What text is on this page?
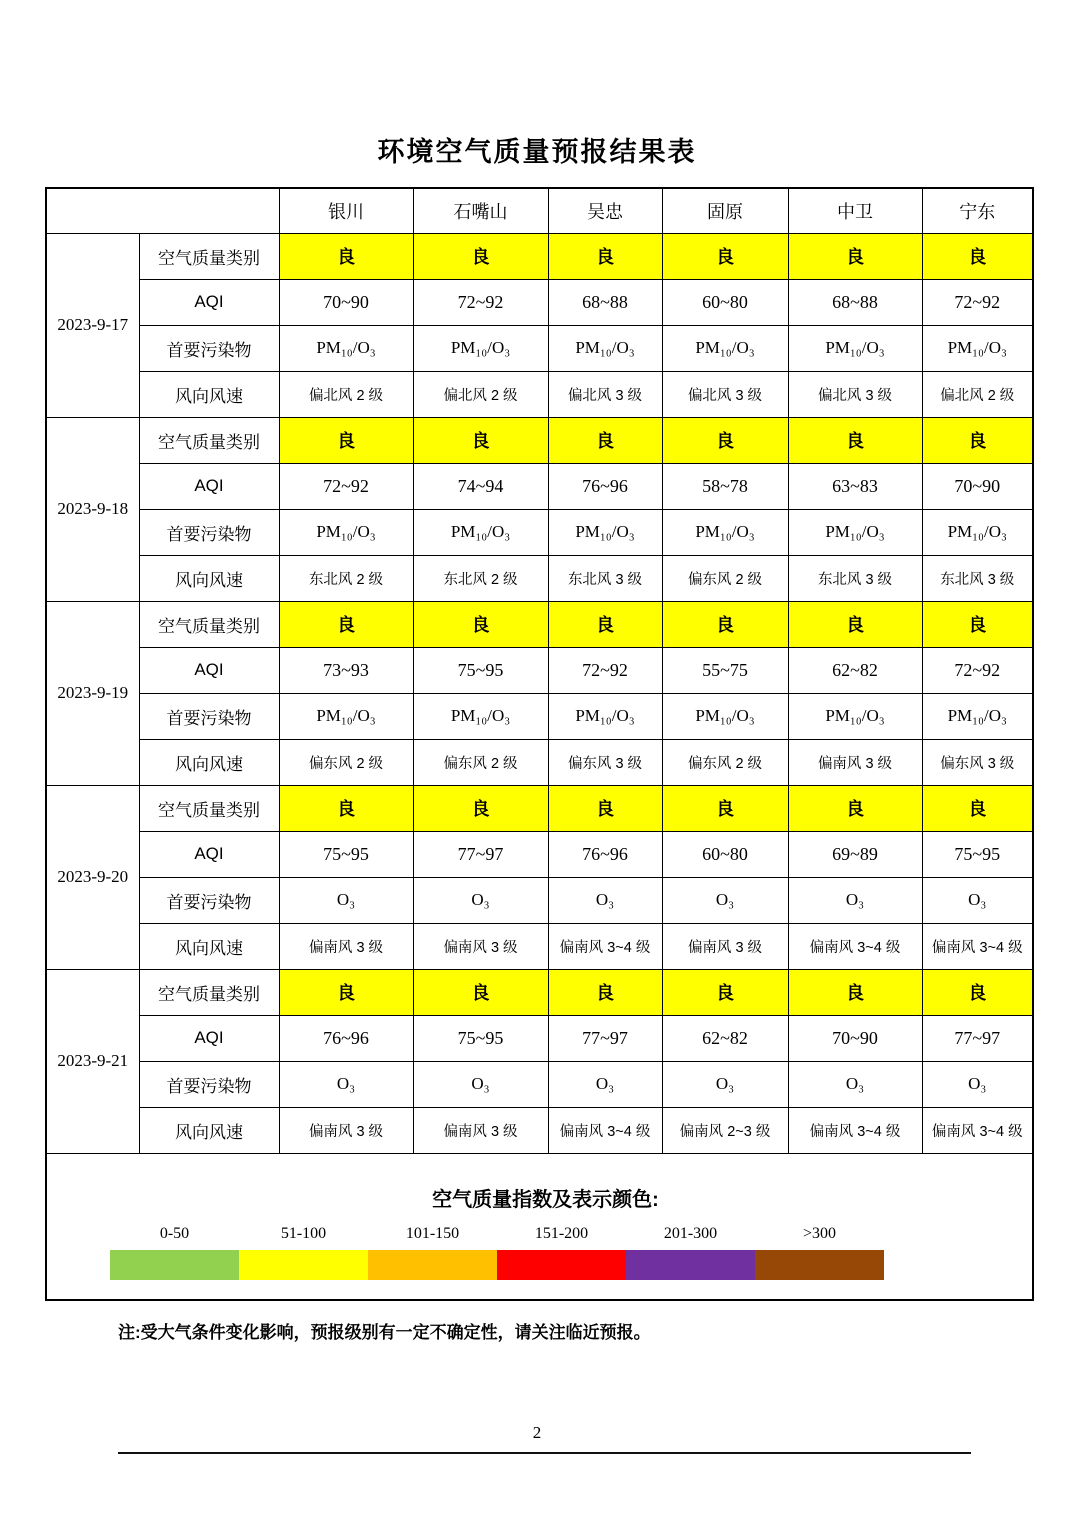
环境空气质量预报结果表
		银川	石嘴山	吴忠	固原	中卫	宁东
2023-9-17	空气质量类别	良	良	良	良	良	良
	AQI	70~90	72~92	68~88	60~80	68~88	72~92
	首要污染物	PM₁₀/O₃	PM₁₀/O₃	PM₁₀/O₃	PM₁₀/O₃	PM₁₀/O₃	PM₁₀/O₃
	风向风速	偏北风 2 级	偏北风 2 级	偏北风 3 级	偏北风 3 级	偏北风 3 级	偏北风 2 级
2023-9-18	空气质量类别	良	良	良	良	良	良
	AQI	72~92	74~94	76~96	58~78	63~83	70~90
	首要污染物	PM₁₀/O₃	PM₁₀/O₃	PM₁₀/O₃	PM₁₀/O₃	PM₁₀/O₃	PM₁₀/O₃
	风向风速	东北风 2 级	东北风 2 级	东北风 3 级	偏东风 2 级	东北风 3 级	东北风 3 级
2023-9-19	空气质量类别	良	良	良	良	良	良
	AQI	73~93	75~95	72~92	55~75	62~82	72~92
	首要污染物	PM₁₀/O₃	PM₁₀/O₃	PM₁₀/O₃	PM₁₀/O₃	PM₁₀/O₃	PM₁₀/O₃
	风向风速	偏东风 2 级	偏东风 2 级	偏东风 3 级	偏东风 2 级	偏南风 3 级	偏东风 3 级
2023-9-20	空气质量类别	良	良	良	良	良	良
	AQI	75~95	77~97	76~96	60~80	69~89	75~95
	首要污染物	O₃	O₃	O₃	O₃	O₃	O₃
	风向风速	偏南风 3 级	偏南风 3 级	偏南风 3~4 级	偏南风 3 级	偏南风 3~4 级	偏南风 3~4 级
2023-9-21	空气质量类别	良	良	良	良	良	良
	AQI	76~96	75~95	77~97	62~82	70~90	77~97
	首要污染物	O₃	O₃	O₃	O₃	O₃	O₃
	风向风速	偏南风 3 级	偏南风 3 级	偏南风 3~4 级	偏南风 2~3 级	偏南风 3~4 级	偏南风 3~4 级

空气质量指数及表示颜色:
0-50	51-100	101-150	151-200	201-300	>300
注:受大气条件变化影响，预报级别有一定不确定性，请关注临近预报。
2
